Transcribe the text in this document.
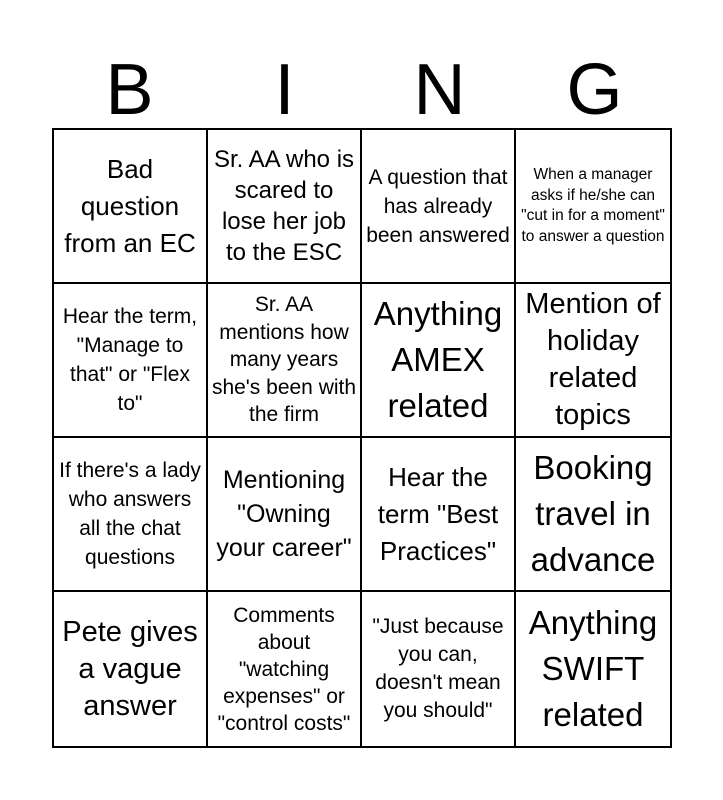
B	I	N	G
Bad question from an EC
Sr. AA who is scared to lose her job to the ESC
A question that has already been answered
When a manager asks if he/she can "cut in for a moment" to answer a question
Hear the term, "Manage to that" or "Flex to"
Sr. AA mentions how many years she's been with the firm
Anything AMEX related
Mention of holiday related topics
If there's a lady who answers all the chat questions
Mentioning "Owning your career"
Hear the term "Best Practices"
Booking travel in advance
Pete gives a vague answer
Comments about "watching expenses" or "control costs"
"Just because you can, doesn't mean you should"
Anything SWIFT related
